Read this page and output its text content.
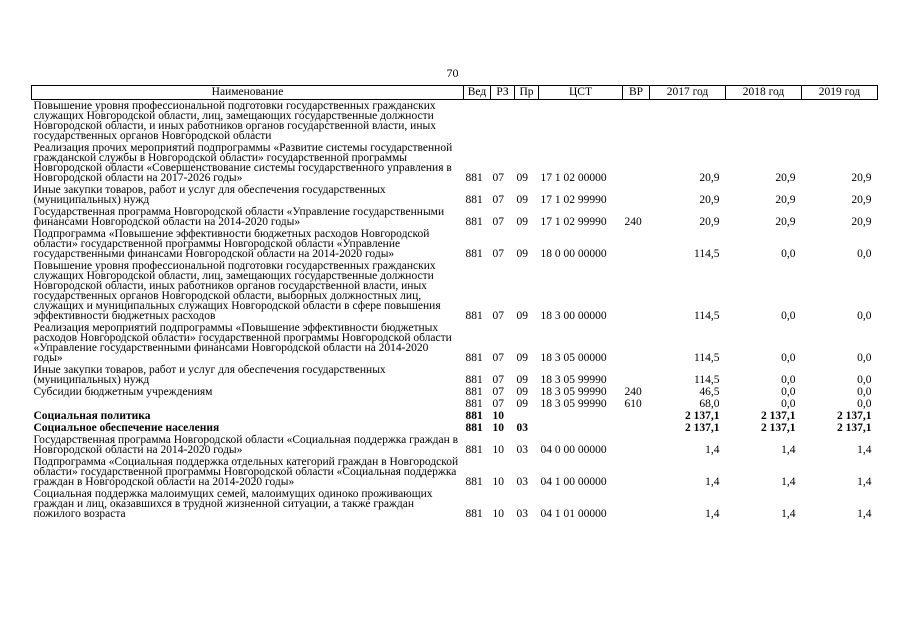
70
Наименование	Вед	РЗ	Пр	ЦСТ	ВР	2017 год	2018 год	2019 год
Повышение уровня профессиональной подготовки государственных гражданских служащих Новгородской области, лиц, замещающих государственные должности Новгородской области, и иных работников органов государственной власти, иных государственных органов Новгородской области								
Реализация прочих мероприятий подпрограммы «Развитие системы государственной гражданской службы в Новгородской области» государственной программы Новгородской области «Совершенствование системы государственного управления в Новгородской области на 2017-2026 годы»	881	07	09	17 1 02 00000		20,9	20,9	20,9
Иные закупки товаров, работ и услуг для обеспечения государственных (муниципальных) нужд	881	07	09	17 1 02 99990		20,9	20,9	20,9
Государственная программа Новгородской области «Управление государственными финансами Новгородской области на 2014-2020 годы»	881	07	09	17 1 02 99990	240	20,9	20,9	20,9
Подпрограмма «Повышение эффективности бюджетных расходов Новгородской области» государственной программы Новгородской области «Управление государственными финансами Новгородской области на 2014-2020 годы»	881	07	09	18 0 00 00000		114,5	0,0	0,0
Повышение уровня профессиональной подготовки государственных гражданских служащих Новгородской области, лиц, замещающих государственные должности Новгородской области, иных работников органов государственной власти, иных государственных органов Новгородской области, выборных должностных лиц, служащих и муниципальных служащих Новгородской области в сфере повышения эффективности бюджетных расходов	881	07	09	18 3 00 00000		114,5	0,0	0,0
Реализация мероприятий подпрограммы «Повышение эффективности бюджетных расходов Новгородской области» государственной программы Новгородской области «Управление государственными финансами Новгородской области на 2014-2020 годы»	881	07	09	18 3 05 00000		114,5	0,0	0,0
Иные закупки товаров, работ и услуг для обеспечения государственных (муниципальных) нужд	881	07	09	18 3 05 99990		114,5	0,0	0,0
Субсидии бюджетным учреждениям	881	07	09	18 3 05 99990	240	46,5	0,0	0,0
	881	07	09	18 3 05 99990	610	68,0	0,0	0,0
Социальная политика	881	10				2 137,1	2 137,1	2 137,1
Социальное обеспечение населения	881	10	03			2 137,1	2 137,1	2 137,1
Государственная программа Новгородской области «Социальная поддержка граждан в Новгородской области на 2014-2020 годы»	881	10	03	04 0 00 00000		1,4	1,4	1,4
Подпрограмма «Социальная поддержка отдельных категорий граждан в Новгородской области» государственной программы Новгородской области «Социальная поддержка граждан в Новгородской области на 2014-2020 годы»	881	10	03	04 1 00 00000		1,4	1,4	1,4
Социальная поддержка малоимущих семей, малоимущих одиноко проживающих граждан и лиц, оказавшихся в трудной жизненной ситуации, а также граждан пожилого возраста	881	10	03	04 1 01 00000		1,4	1,4	1,4
